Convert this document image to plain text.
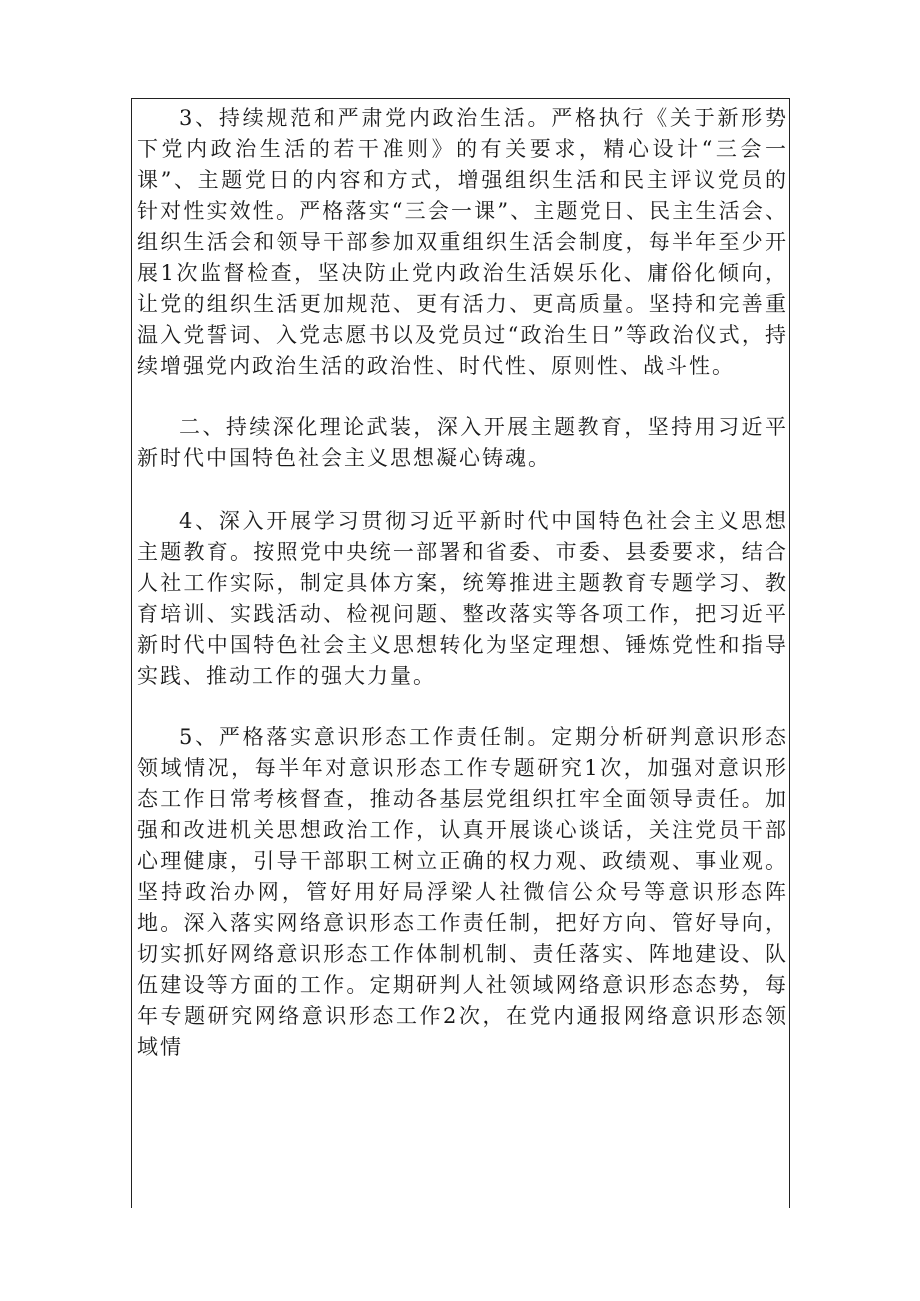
3、持续规范和严肃党内政治生活。严格执行《关于新形势下党内政治生活的若干准则》的有关要求，精心设计“三会一课”、主题党日的内容和方式，增强组织生活和民主评议党员的针对性实效性。严格落实“三会一课”、主题党日、民主生活会、组织生活会和领导干部参加双重组织生活会制度，每半年至少开展1次监督检查，坚决防止党内政治生活娱乐化、庸俗化倾向，让党的组织生活更加规范、更有活力、更高质量。坚持和完善重温入党誓词、入党志愿书以及党员过“政治生日”等政治仪式，持续增强党内政治生活的政治性、时代性、原则性、战斗性。

二、持续深化理论武装，深入开展主题教育，坚持用习近平新时代中国特色社会主义思想凝心铸魂。

4、深入开展学习贯彻习近平新时代中国特色社会主义思想主题教育。按照党中央统一部署和省委、市委、县委要求，结合人社工作实际，制定具体方案，统筹推进主题教育专题学习、教育培训、实践活动、检视问题、整改落实等各项工作，把习近平新时代中国特色社会主义思想转化为坚定理想、锤炼党性和指导实践、推动工作的强大力量。

5、严格落实意识形态工作责任制。定期分析研判意识形态领域情况，每半年对意识形态工作专题研究1次，加强对意识形态工作日常考核督查，推动各基层党组织扛牢全面领导责任。加强和改进机关思想政治工作，认真开展谈心谈话，关注党员干部心理健康，引导干部职工树立正确的权力观、政绩观、事业观。坚持政治办网，管好用好局浮梁人社微信公众号等意识形态阵地。深入落实网络意识形态工作责任制，把好方向、管好导向，切实抓好网络意识形态工作体制机制、责任落实、阵地建设、队伍建设等方面的工作。定期研判人社领域网络意识形态态势，每年专题研究网络意识形态工作2次，在党内通报网络意识形态领域情
